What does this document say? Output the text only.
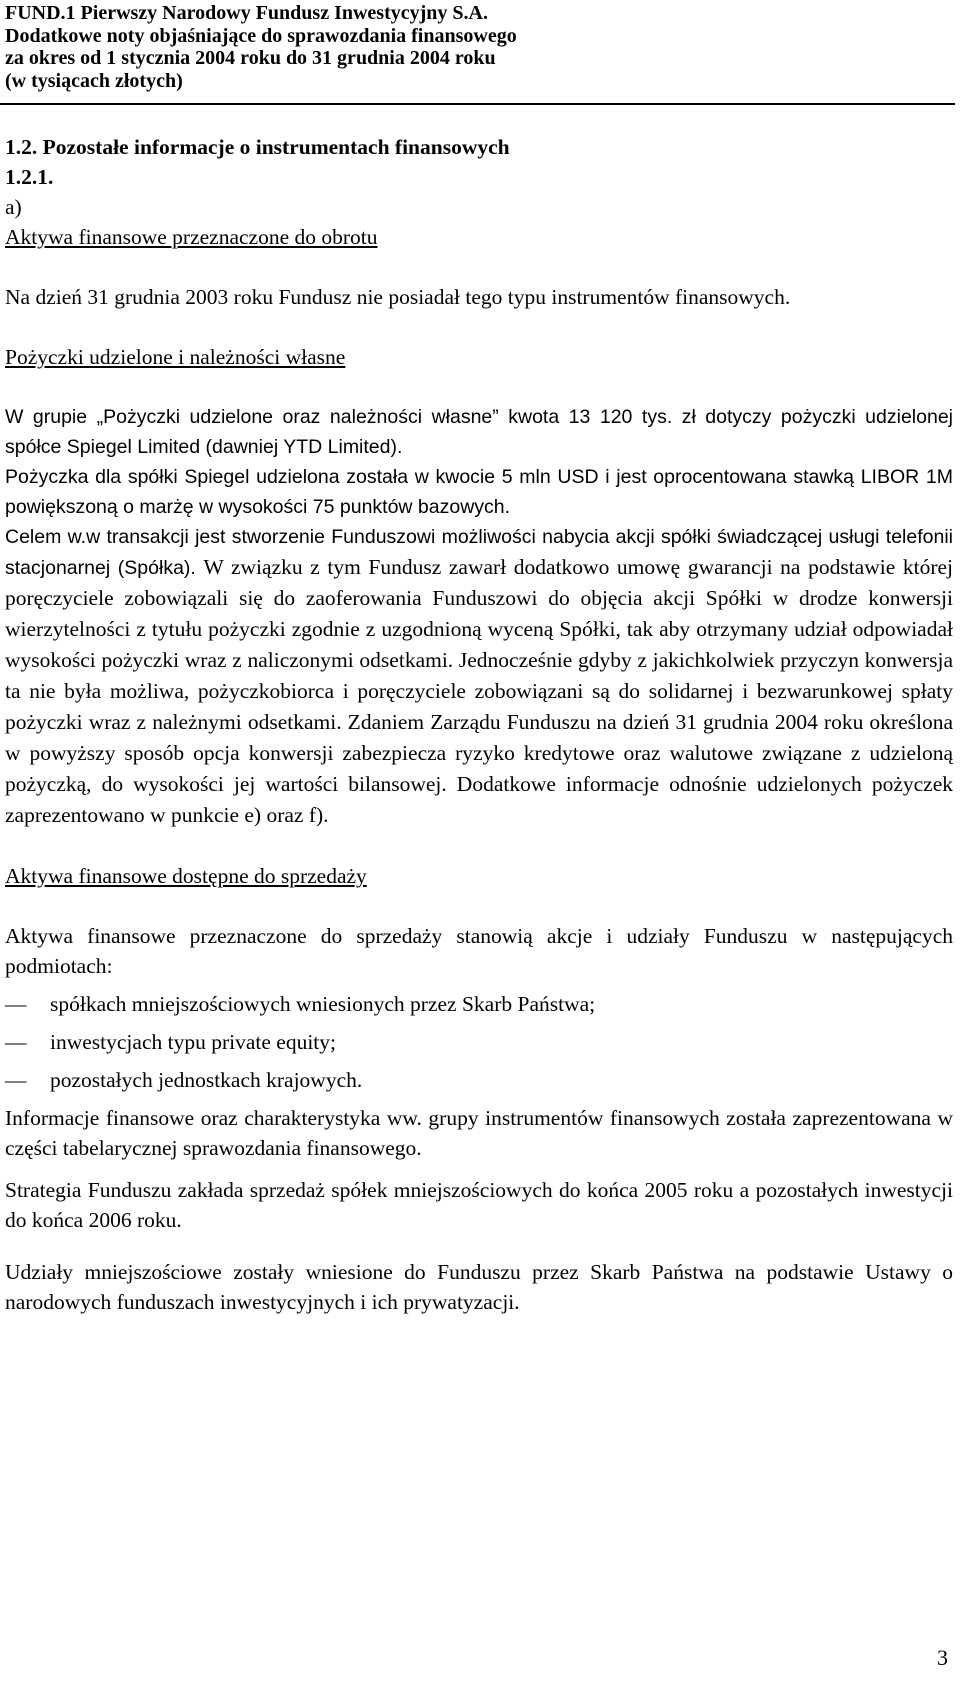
FUND.1 Pierwszy Narodowy Fundusz Inwestycyjny S.A.
Dodatkowe noty objaśniające do sprawozdania finansowego
za okres od 1 stycznia 2004 roku do 31 grudnia 2004 roku
(w tysiącach złotych)
1.2. Pozostałe informacje o instrumentach finansowych
1.2.1.
a)
Aktywa finansowe przeznaczone do obrotu

Na dzień 31 grudnia 2003 roku Fundusz nie posiadał tego typu instrumentów finansowych.

Pożyczki udzielone i należności własne

W grupie „Pożyczki udzielone oraz należności własne” kwota 13 120 tys. zł dotyczy pożyczki udzielonej spółce Spiegel Limited (dawniej YTD Limited).

Pożyczka dla spółki Spiegel udzielona została w kwocie 5 mln USD i jest oprocentowana stawką LIBOR 1M powiększoną o marżę w wysokości 75 punktów bazowych.

Celem w.w transakcji jest stworzenie Funduszowi możliwości nabycia akcji spółki świadczącej usługi telefonii stacjonarnej (Spółka). W związku z tym Fundusz zawarł dodatkowo umowę gwarancji na podstawie której poręczyciele zobowiązali się do zaoferowania Funduszowi do objęcia akcji Spółki w drodze konwersji wierzytelności z tytułu pożyczki zgodnie z uzgodnioną wyceną Spółki, tak aby otrzymany udział odpowiadał wysokości pożyczki wraz z naliczonymi odsetkami. Jednocześnie gdyby z jakichkolwiek przyczyn konwersja ta nie była możliwa, pożyczkobiorca i poręczyciele zobowiązani są do solidarnej i bezwarunkowej spłaty pożyczki wraz z należnymi odsetkami. Zdaniem Zarządu Funduszu na dzień 31 grudnia 2004 roku określona w powyższy sposób opcja konwersji zabezpiecza ryzyko kredytowe oraz walutowe związane z udzieloną pożyczką, do wysokości jej wartości bilansowej. Dodatkowe informacje odnośnie udzielonych pożyczek zaprezentowano w punkcie e) oraz f).

Aktywa finansowe dostępne do sprzedaży

Aktywa finansowe przeznaczone do sprzedaży stanowią akcje i udziały Funduszu w następujących podmiotach:

—	spółkach mniejszościowych wniesionych przez Skarb Państwa;
—	inwestycjach typu private equity;
—	pozostałych jednostkach krajowych.

Informacje finansowe oraz charakterystyka ww. grupy instrumentów finansowych została zaprezentowana w części tabelarycznej sprawozdania finansowego.

Strategia Funduszu zakłada sprzedaż spółek mniejszościowych do końca 2005 roku a pozostałych inwestycji do końca 2006 roku.

Udziały mniejszościowe zostały wniesione do Funduszu przez Skarb Państwa na podstawie Ustawy o narodowych funduszach inwestycyjnych i ich prywatyzacji.

3
